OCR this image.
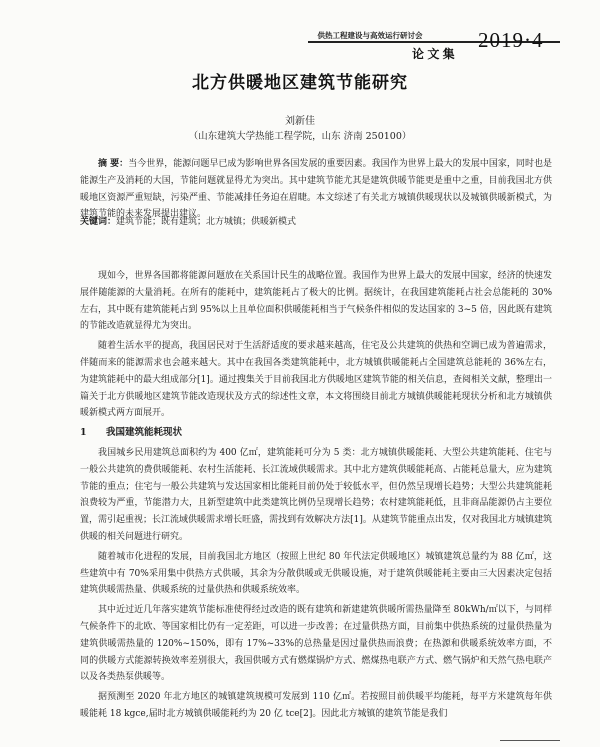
供热工程建设与高效运行研讨会
论 文 集
2019·4
北方供暖地区建筑节能研究
刘新佳
（山东建筑大学热能工程学院，山东 济南 250100）
摘 要：当今世界，能源问题早已成为影响世界各国发展的重要因素。我国作为世界上最大的发展中国家，同时也是能源生产及消耗的大国，节能问题就显得尤为突出。其中建筑节能尤其是建筑供暖节能更是重中之重，目前我国北方供暖地区资源严重短缺，污染严重、节能减排任务迫在眉睫。本文综述了有关北方城镇供暖现状以及城镇供暖新模式，为建筑节能的未来发展提出建议。
关键词：建筑节能；既有建筑；北方城镇；供暖新模式

现如今，世界各国都将能源问题放在关系国计民生的战略位置。我国作为世界上最大的发展中国家，经济的快速发展伴随能源的大量消耗。在所有的能耗中，建筑能耗占了极大的比例。据统计，在我国建筑能耗占社会总能耗的 30%左右，其中既有建筑能耗占到 95%以上且单位面积供暖能耗相当于气候条件相似的发达国家的 3~5 倍，因此既有建筑的节能改造就显得尤为突出。

随着生活水平的提高，我国居民对于生活舒适度的要求越来越高，住宅及公共建筑的供热和空调已成为普遍需求，伴随而来的能源需求也会越来越大。其中在我国各类建筑能耗中，北方城镇供暖能耗占全国建筑总能耗的 36%左右，为建筑能耗中的最大组成部分[1]。通过搜集关于目前我国北方供暖地区建筑节能的相关信息，查阅相关文献，整理出一篇关于北方供暖地区建筑节能改造现状及方式的综述性文章，本文将围绕目前北方城镇供暖能耗现状分析和北方城镇供暖新模式两方面展开。

1 我国建筑能耗现状

我国城乡民用建筑总面积约为 400 亿㎡，建筑能耗可分为 5 类：北方城镇供暖能耗、大型公共建筑能耗、住宅与一般公共建筑的费供暖能耗、农村生活能耗、长江流域供暖需求。其中北方建筑供暖能耗高、占能耗总量大，应为建筑节能的重点；住宅与一般公共建筑与发达国家相比能耗目前仍处于较低水平，但仍然呈现增长趋势；大型公共建筑能耗浪费较为严重，节能潜力大，且新型建筑中此类建筑比例仍呈现增长趋势；农村建筑能耗低，且非商品能源仍占主要位置，需引起重视；长江流域供暖需求增长旺盛，需找到有效解决方法[1]。从建筑节能重点出发，仅对我国北方城镇建筑供暖的相关问题进行研究。

随着城市化进程的发展，目前我国北方地区（按照上世纪 80 年代法定供暖地区）城镇建筑总量约为 88 亿㎡，这些建筑中有 70%采用集中供热方式供暖，其余为分散供暖或无供暖设施，对于建筑供暖能耗主要由三大因素决定包括建筑供暖需热量、供暖系统的过量供热和供暖系统效率。

其中近过近几年落实建筑节能标准使得经过改造的既有建筑和新建建筑供暖所需热量降至 80kWh/㎡以下，与同样气候条件下的北欧、等国家相比仍有一定差距，可以进一步改善；在过量供热方面，目前集中供热系统的过量供热量为建筑供暖需热量的 120%~150%，即有 17%~33%的总热量是因过量供热而浪费；在热源和供暖系统效率方面，不同的供暖方式能源转换效率差别很大，我国供暖方式有燃煤锅炉方式、燃煤热电联产方式、燃气锅炉和天然气热电联产以及各类热泵供暖等。

据预测至 2020 年北方地区的城镇建筑规模可发展到 110 亿㎡。若按照目前供暖平均能耗，每平方米建筑每年供暖能耗 18 kgce,届时北方城镇供暖能耗约为 20 亿 tce[2]。因此北方城镇的建筑节能是我们
